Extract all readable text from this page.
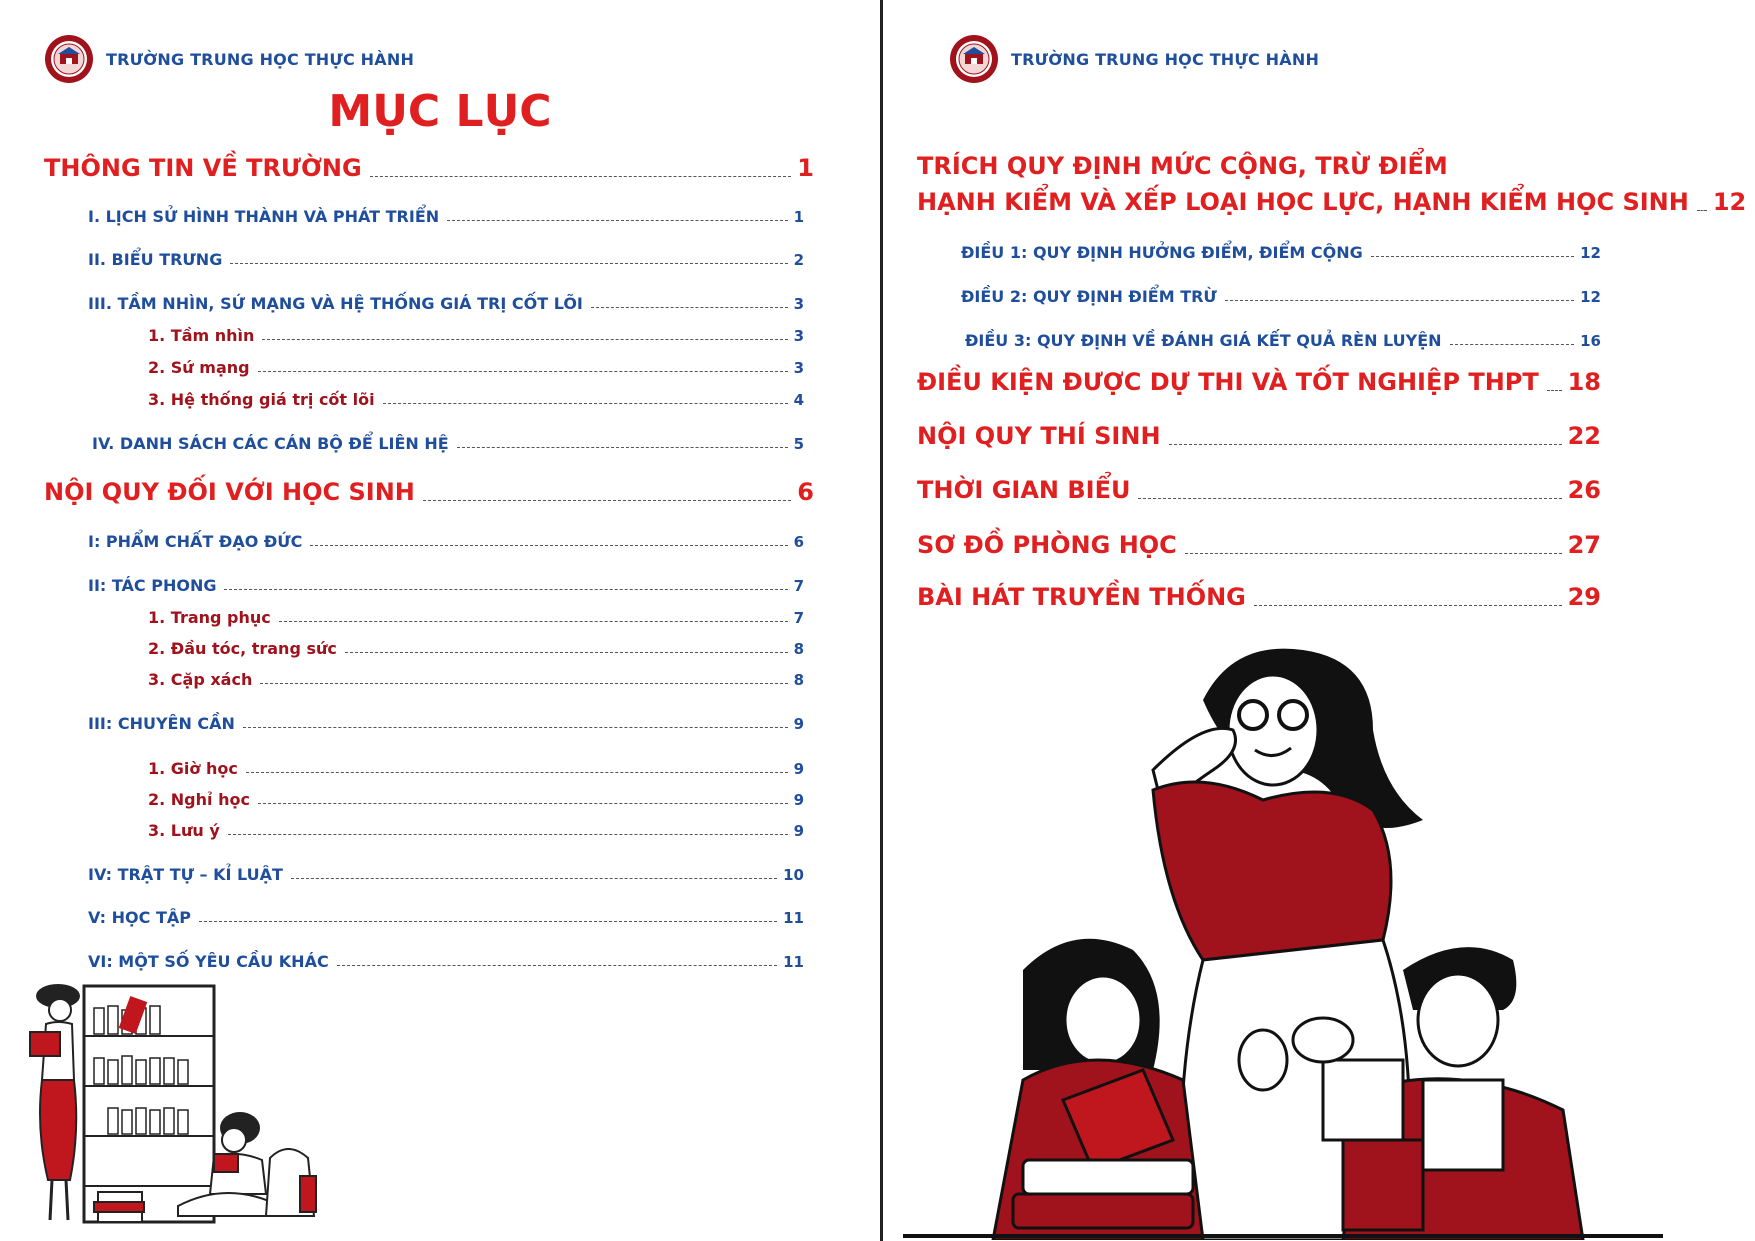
TRƯỜNG TRUNG HỌC THỰC HÀNH
MỤC LỤC
THÔNG TIN VỀ TRƯỜNG	1
I. LỊCH SỬ HÌNH THÀNH VÀ PHÁT TRIỂN	1
II. BIỂU TRƯNG	2
III. TẦM NHÌN, SỨ MẠNG VÀ HỆ THỐNG GIÁ TRỊ CỐT LÕI	3
1. Tầm nhìn	3
2. Sứ mạng	3
3. Hệ thống giá trị cốt lõi	4
IV. DANH SÁCH CÁC CÁN BỘ ĐỂ LIÊN HỆ	5
NỘI QUY ĐỐI VỚI HỌC SINH	6
I: PHẨM CHẤT ĐẠO ĐỨC	6
II: TÁC PHONG	7
1. Trang phục	7
2. Đầu tóc, trang sức	8
3. Cặp xách	8
III: CHUYÊN CẦN	9
1. Giờ học	9
2. Nghỉ học	9
3. Lưu ý	9
IV: TRẬT TỰ – KỈ LUẬT	10
V: HỌC TẬP	11
VI: MỘT SỐ YÊU CẦU KHÁC	11
TRƯỜNG TRUNG HỌC THỰC HÀNH
TRÍCH QUY ĐỊNH MỨC CỘNG, TRỪ ĐIỂM
HẠNH KIỂM VÀ XẾP LOẠI HỌC LỰC, HẠNH KIỂM HỌC SINH 12
ĐIỀU 1: QUY ĐỊNH HƯỞNG ĐIỂM, ĐIỂM CỘNG	12
ĐIỀU 2: QUY ĐỊNH ĐIỂM TRỪ	12
ĐIỀU 3: QUY ĐỊNH VỀ ĐÁNH GIÁ KẾT QUẢ RÈN LUYỆN	16
ĐIỀU KIỆN ĐƯỢC DỰ THI VÀ TỐT NGHIỆP THPT 18
NỘI QUY THÍ SINH	22
THỜI GIAN BIỂU	26
SƠ ĐỒ PHÒNG HỌC	27
BÀI HÁT TRUYỀN THỐNG	29
